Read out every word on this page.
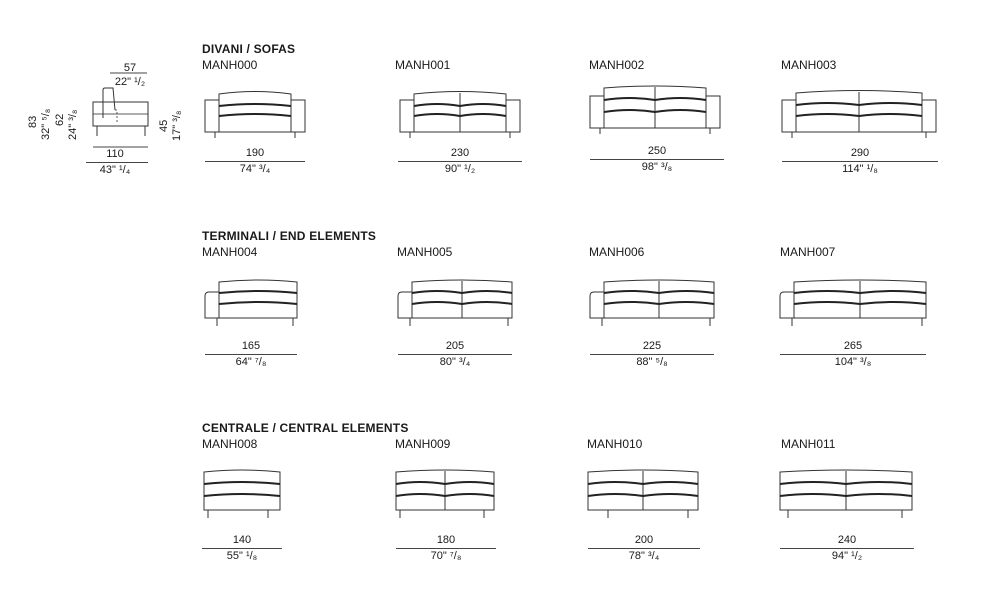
57
22" ¹/₂
110
43" ¹/₄
83 32" ⁵/₈ 62 24" ³/₈	45 17" ³/₈
DIVANI / SOFAS
MANH000	MANH001	MANH002	MANH003
190
74" ³/₄
230
90" ¹/₂
250
98" ³/₈
290
114" ¹/₈
TERMINALI / END ELEMENTS
MANH004	MANH005	MANH006	MANH007
165
64" ⁷/₈
205
80" ³/₄
225
88" ⁵/₈
265
104" ³/₈
CENTRALE / CENTRAL ELEMENTS
MANH008	MANH009	MANH010	MANH011
140
55" ¹/₈
180
70" ⁷/₈
200
78" ³/₄
240
94" ¹/₂
